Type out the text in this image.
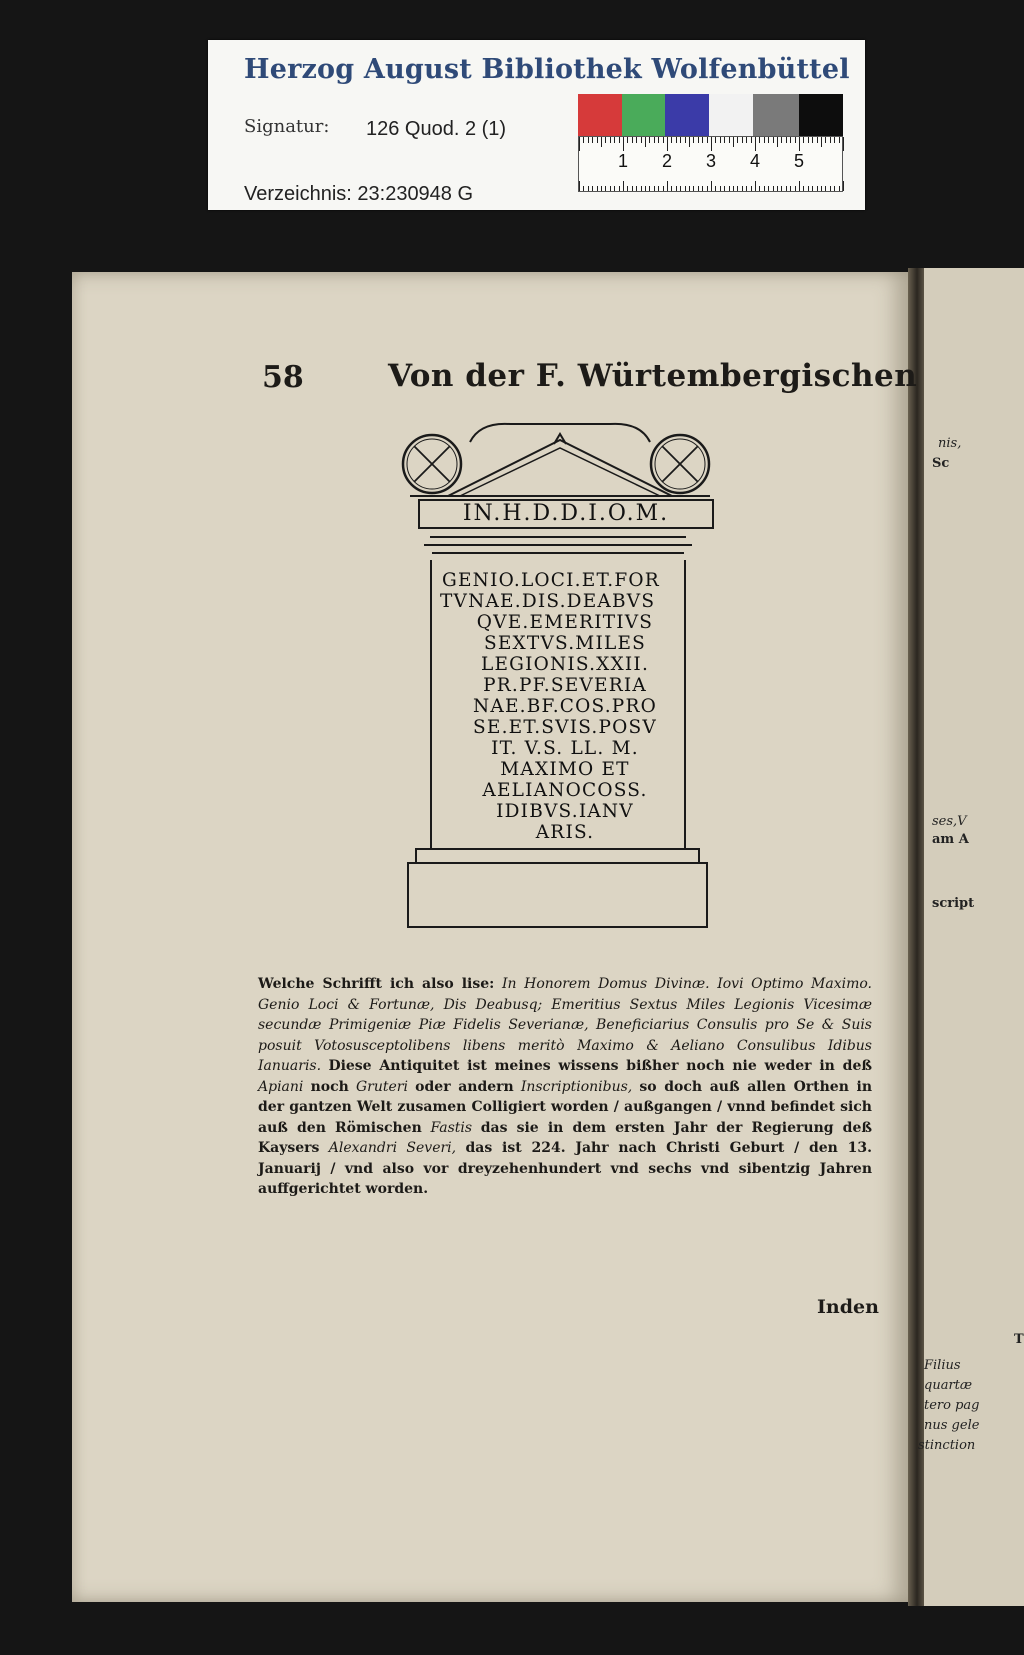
Herzog August Bibliothek Wolfenbüttel
Signatur: 126 Quod. 2 (1)
Verzeichnis: 23:230948 G
1 2 3 4 5
nis,
Sc
ses,V
am A
script
T
Filius
quartæ
tero pag
nus gele
stinction
58	Von der F. Würtembergischen
IN.H.D.D.I.O.M.
GENIO.LOCI.ET.FOR
TVNAE.DIS.DEABVS
QVE.EMERITIVS
SEXTVS.MILES
LEGIONIS.XXII.
PR.PF.SEVERIA
NAE.BF.COS.PRO
SE.ET.SVIS.POSV
IT. V.S. LL. M.
MAXIMO ET
AELIANOCOSS.
IDIBVS.IANV
ARIS.
Welche Schrifft ich also lise: In Honorem Domus Divinæ. Iovi Optimo Maximo. Genio Loci & Fortunæ, Dis Deabusq; Emeritius Sextus Miles Legionis Vicesimæ secundæ Primigeniæ Piæ Fidelis Severianæ, Beneficiarius Consulis pro Se & Suis posuit Votosusceptolibens libens meritò Maximo & Aeliano Consulibus Idibus Ianuaris. Diese Antiquitet ist meines wissens bißher noch nie weder in deß Apiani noch Gruteri oder andern Inscriptionibus, so doch auß allen Orthen in der gantzen Welt zusamen Colligiert worden / außgangen / vnnd befindet sich auß den Römischen Fastis das sie in dem ersten Jahr der Regierung deß Kaysers Alexandri Severi, das ist 224. Jahr nach Christi Geburt / den 13. Januarij / vnd also vor dreyzehenhundert vnd sechs vnd sibentzig Jahren auffgerichtet worden.
Inden
